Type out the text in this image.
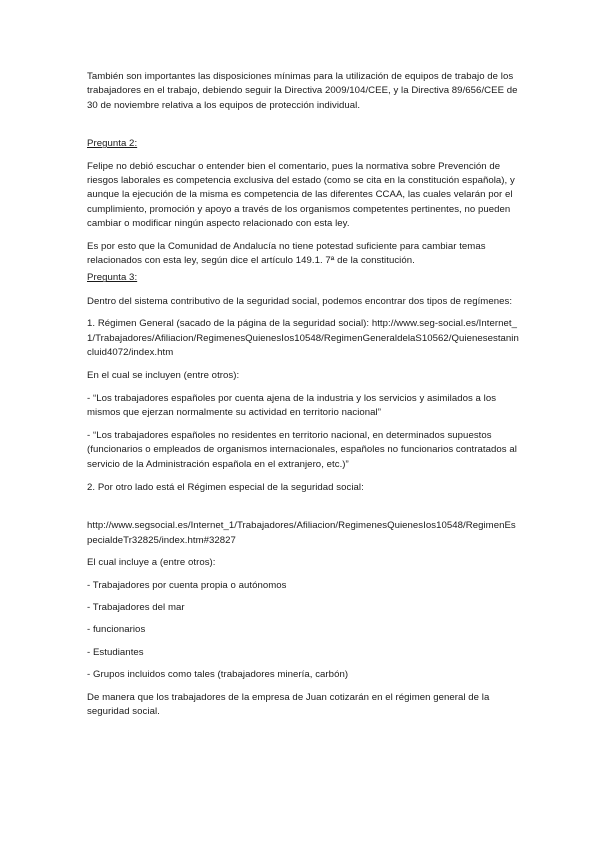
También son importantes las disposiciones mínimas para la utilización de equipos de trabajo de los trabajadores en el trabajo, debiendo seguir la Directiva 2009/104/CEE, y la Directiva 89/656/CEE de 30 de noviembre relativa a los equipos de protección individual.

Pregunta 2:

Felipe no debió escuchar o entender bien el comentario, pues la normativa sobre Prevención de riesgos laborales es competencia exclusiva del estado (como se cita en la constitución española), y aunque la ejecución de la misma es competencia de las diferentes CCAA, las cuales velarán por el cumplimiento, promoción y apoyo a través de los organismos competentes pertinentes, no pueden cambiar o modificar ningún aspecto relacionado con esta ley.

Es por esto que la Comunidad de Andalucía no tiene potestad suficiente para cambiar temas relacionados con esta ley, según dice el artículo 149.1. 7ª de la constitución.

Pregunta 3:

Dentro del sistema contributivo de la seguridad social, podemos encontrar dos tipos de regímenes:

1. Régimen General (sacado de la página de la seguridad social): http://www.seg-social.es/Internet_1/Trabajadores/Afiliacion/RegimenesQuienesIos10548/RegimenGeneraldelaS10562/Quienesestanincluid4072/index.htm

En el cual se incluyen (entre otros):

- “Los trabajadores españoles por cuenta ajena de la industria y los servicios y asimilados a los mismos que ejerzan normalmente su actividad en territorio nacional”

- “Los trabajadores españoles no residentes en territorio nacional, en determinados supuestos (funcionarios o empleados de organismos internacionales, españoles no funcionarios contratados al servicio de la Administración española en el extranjero, etc.)”

2. Por otro lado está el Régimen especial de la seguridad social:

http://www.segsocial.es/Internet_1/Trabajadores/Afiliacion/RegimenesQuienesIos10548/RegimenEspecialdeTr32825/index.htm#32827

El cual incluye a (entre otros):

- Trabajadores por cuenta propia o autónomos

- Trabajadores del mar

- funcionarios

- Estudiantes

- Grupos incluidos como tales (trabajadores minería, carbón)

De manera que los trabajadores de la empresa de Juan cotizarán en el régimen general de la seguridad social.
